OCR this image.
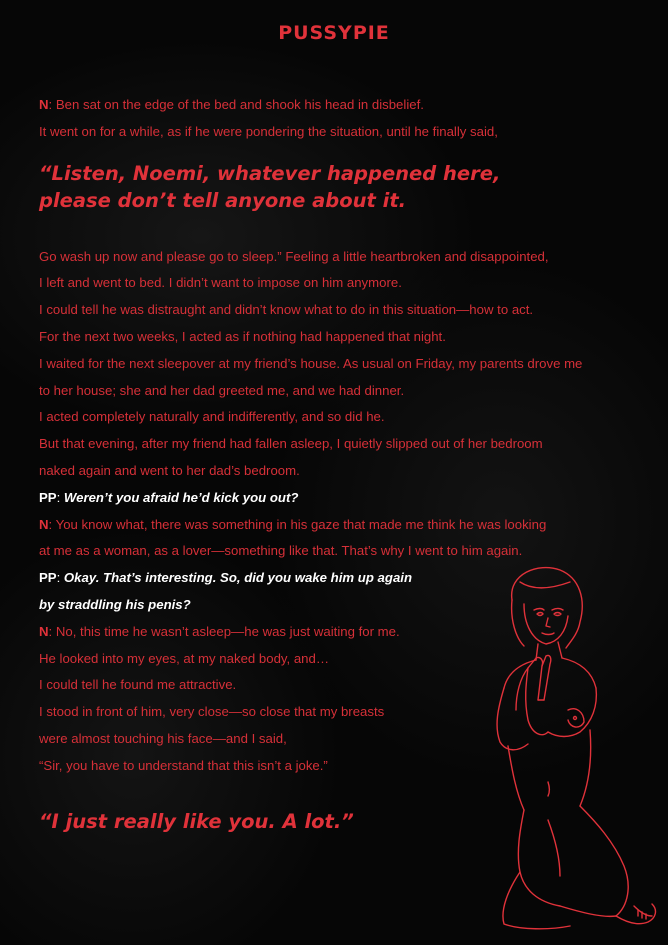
PUSSYPIE
N: Ben sat on the edge of the bed and shook his head in disbelief.
It went on for a while, as if he were pondering the situation, until he finally said,
“Listen, Noemi, whatever happened here,
please don’t tell anyone about it.
Go wash up now and please go to sleep.” Feeling a little heartbroken and disappointed,
I left and went to bed. I didn’t want to impose on him anymore.
I could tell he was distraught and didn’t know what to do in this situation—how to act.
For the next two weeks, I acted as if nothing had happened that night.
I waited for the next sleepover at my friend’s house. As usual on Friday, my parents drove me
to her house; she and her dad greeted me, and we had dinner.
I acted completely naturally and indifferently, and so did he.
But that evening, after my friend had fallen asleep, I quietly slipped out of her bedroom
naked again and went to her dad’s bedroom.
PP: Weren’t you afraid he’d kick you out?
N: You know what, there was something in his gaze that made me think he was looking
at me as a woman, as a lover—something like that. That’s why I went to him again.
PP: Okay. That’s interesting. So, did you wake him up again
by straddling his penis?
N: No, this time he wasn’t asleep—he was just waiting for me.
He looked into my eyes, at my naked body, and…
I could tell he found me attractive.
I stood in front of him, very close—so close that my breasts
were almost touching his face—and I said,
“Sir, you have to understand that this isn’t a joke.”
“I just really like you. A lot.”
